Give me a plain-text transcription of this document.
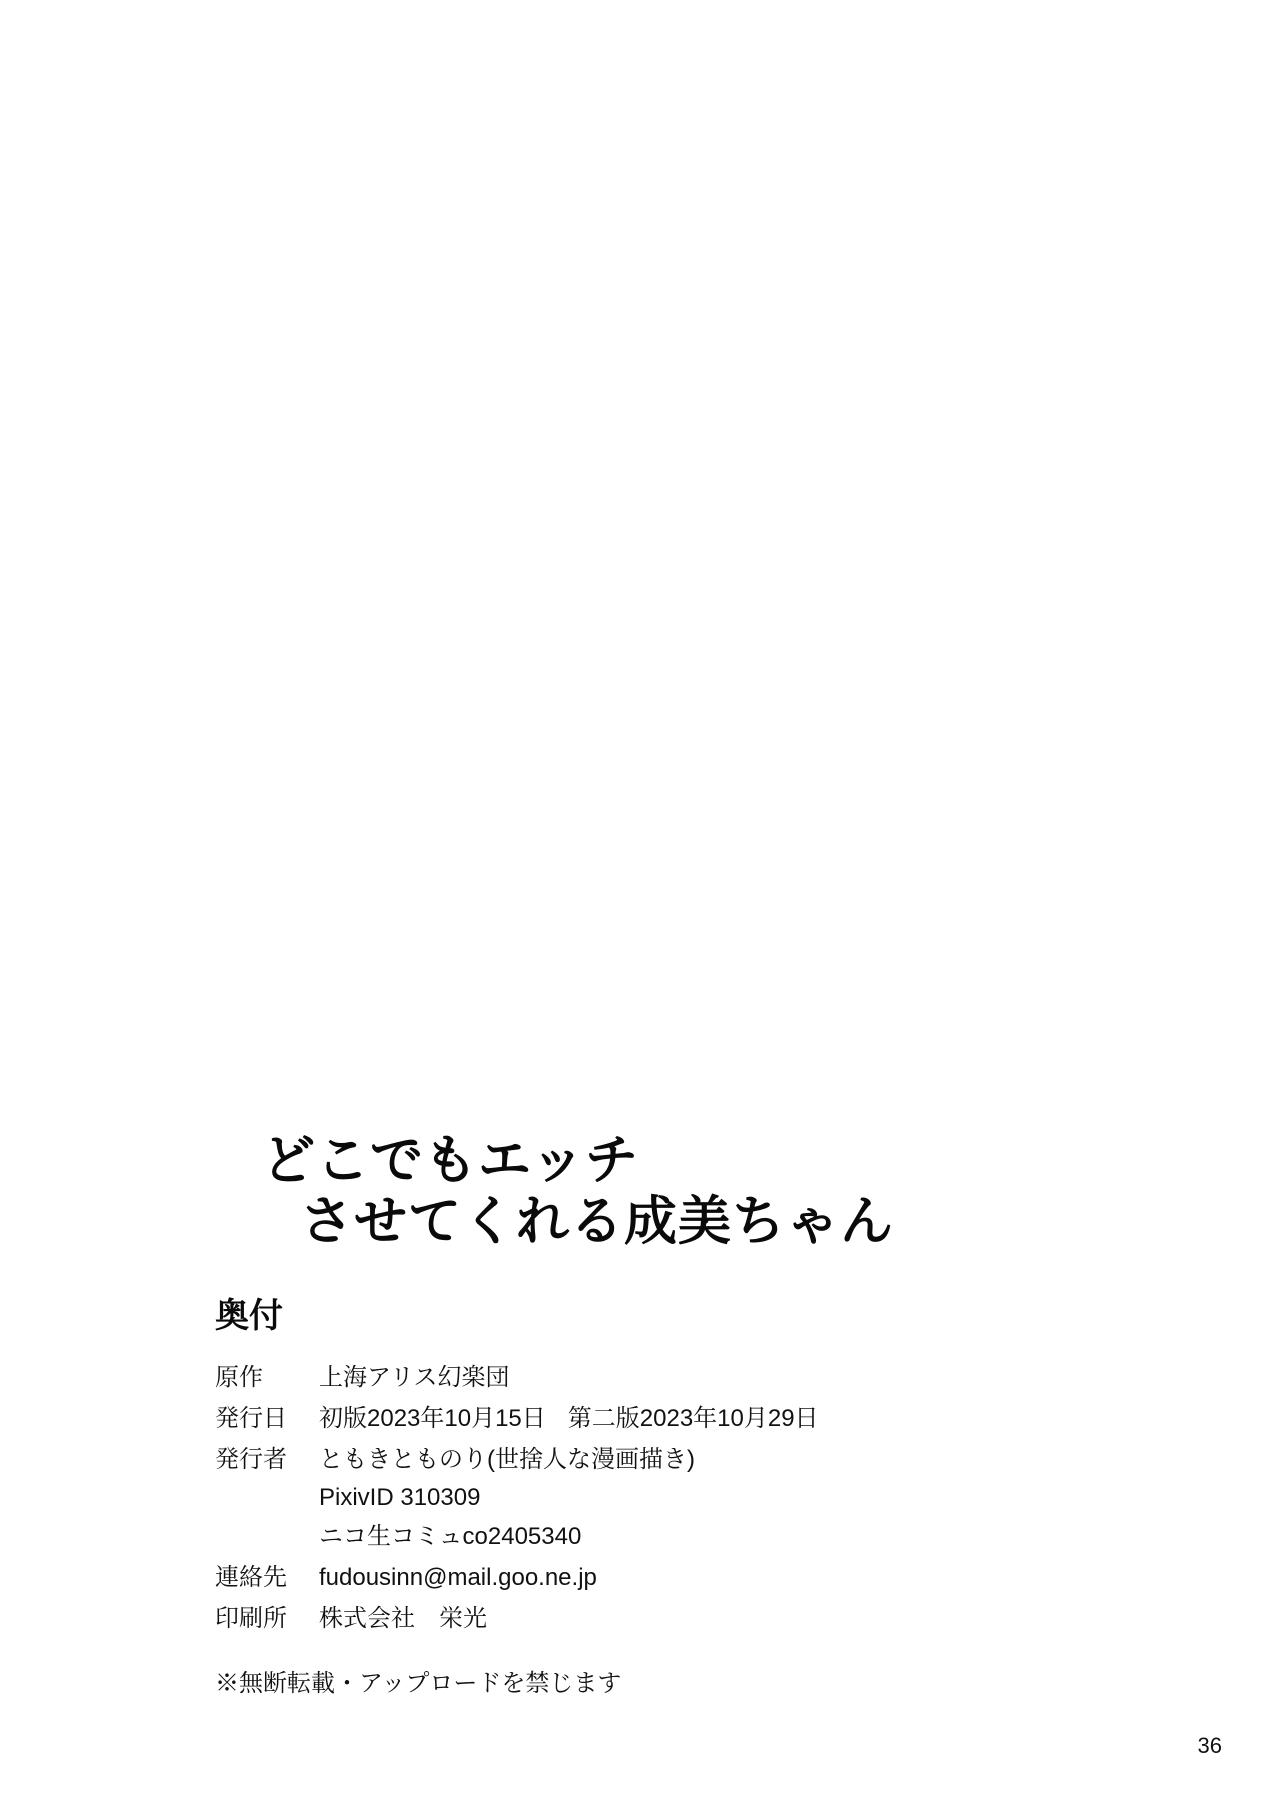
どこでもエッチ
させてくれる成美ちゃん
奥付
原作	上海アリス幻楽団
発行日	初版2023年10月15日 第二版2023年10月29日
発行者	ともきとものり(世捨人な漫画描き)
PixivID 310309
ニコ生コミュco2405340
連絡先	fudousinn@mail.goo.ne.jp
印刷所	株式会社　栄光
※無断転載・アップロードを禁じます
36
